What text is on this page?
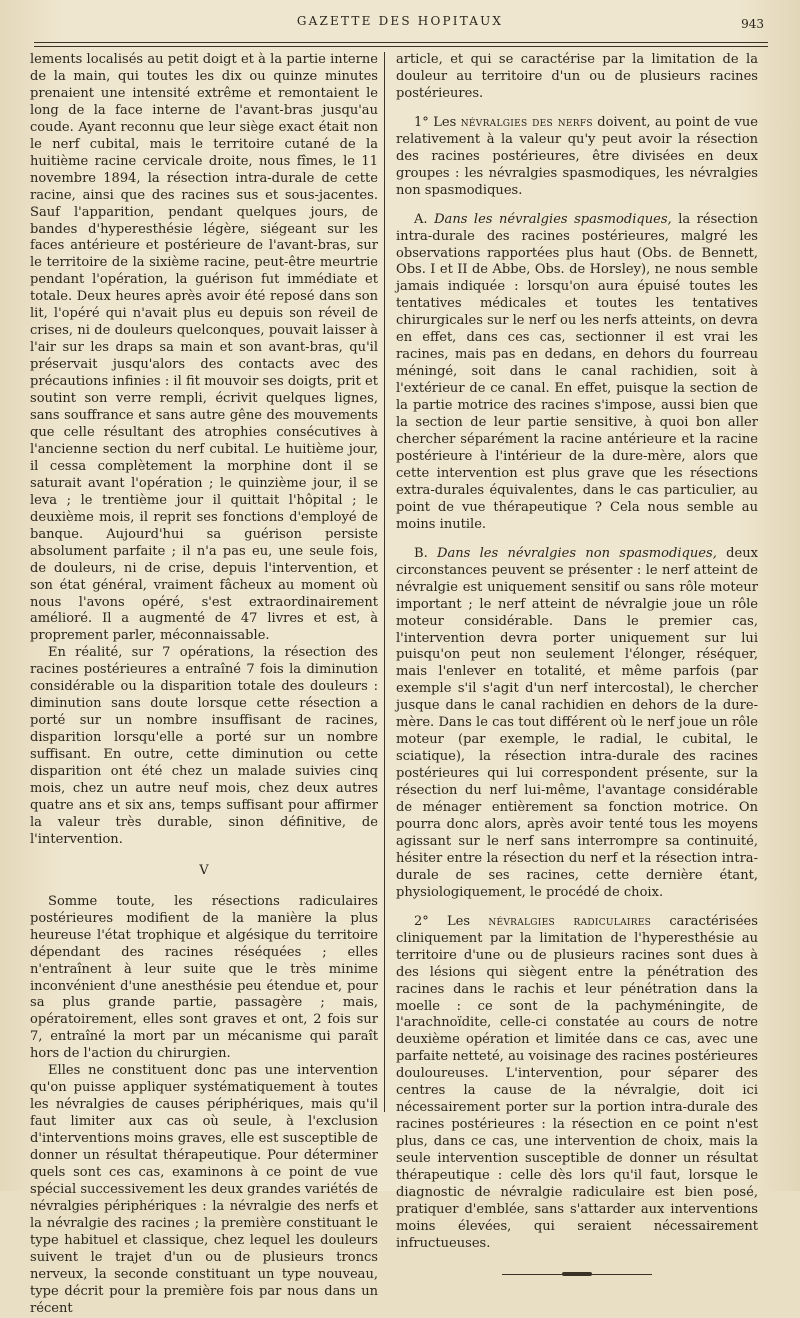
GAZETTE DES HOPITAUX	943

lements localisés au petit doigt et à la partie interne de la main, qui toutes les dix ou quinze minutes prenaient une intensité extrême et remontaient le long de la face interne de l'avant-bras jusqu'au coude. Ayant reconnu que leur siège exact était non le nerf cubital, mais le territoire cutané de la huitième racine cervicale droite, nous fîmes, le 11 novembre 1894, la résection intra-durale de cette racine, ainsi que des racines sus et sous-jacentes. Sauf l'apparition, pendant quelques jours, de bandes d'hyperesthésie légère, siégeant sur les faces antérieure et postérieure de l'avant-bras, sur le territoire de la sixième racine, peut-être meurtrie pendant l'opération, la guérison fut immédiate et totale. Deux heures après avoir été reposé dans son lit, l'opéré qui n'avait plus eu depuis son réveil de crises, ni de douleurs quelconques, pouvait laisser à l'air sur les draps sa main et son avant-bras, qu'il préservait jusqu'alors des contacts avec des précautions infinies : il fit mouvoir ses doigts, prit et soutint son verre rempli, écrivit quelques lignes, sans souffrance et sans autre gêne des mouvements que celle résultant des atrophies consécutives à l'ancienne section du nerf cubital. Le huitième jour, il cessa complètement la morphine dont il se saturait avant l'opération ; le quinzième jour, il se leva ; le trentième jour il quittait l'hôpital ; le deuxième mois, il reprit ses fonctions d'employé de banque. Aujourd'hui sa guérison persiste absolument parfaite ; il n'a pas eu, une seule fois, de douleurs, ni de crise, depuis l'intervention, et son état général, vraiment fâcheux au moment où nous l'avons opéré, s'est extraordinairement amélioré. Il a augmenté de 47 livres et est, à proprement parler, méconnaissable.

En réalité, sur 7 opérations, la résection des racines postérieures a entraîné 7 fois la diminution considérable ou la disparition totale des douleurs : diminution sans doute lorsque cette résection a porté sur un nombre insuffisant de racines, disparition lorsqu'elle a porté sur un nombre suffisant. En outre, cette diminution ou cette disparition ont été chez un malade suivies cinq mois, chez un autre neuf mois, chez deux autres quatre ans et six ans, temps suffisant pour affirmer la valeur très durable, sinon définitive, de l'intervention.

V

Somme toute, les résections radiculaires postérieures modifient de la manière la plus heureuse l'état trophique et algésique du territoire dépendant des racines réséquées ; elles n'entraînent à leur suite que le très minime inconvénient d'une anesthésie peu étendue et, pour sa plus grande partie, passagère ; mais, opératoirement, elles sont graves et ont, 2 fois sur 7, entraîné la mort par un mécanisme qui paraît hors de l'action du chirurgien.

Elles ne constituent donc pas une intervention qu'on puisse appliquer systématiquement à toutes les névralgies de causes périphériques, mais qu'il faut limiter aux cas où seule, à l'exclusion d'interventions moins graves, elle est susceptible de donner un résultat thérapeutique. Pour déterminer quels sont ces cas, examinons à ce point de vue spécial successivement les deux grandes variétés de névralgies périphériques : la névralgie des nerfs et la névralgie des racines ; la première constituant le type habituel et classique, chez lequel les douleurs suivent le trajet d'un ou de plusieurs troncs nerveux, la seconde constituant un type nouveau, type décrit pour la première fois par nous dans un récent

article, et qui se caractérise par la limitation de la douleur au territoire d'un ou de plusieurs racines postérieures.

1° Les névralgies des nerfs doivent, au point de vue relativement à la valeur qu'y peut avoir la résection des racines postérieures, être divisées en deux groupes : les névralgies spasmodiques, les névralgies non spasmodiques.

A. Dans les névralgies spasmodiques, la résection intra-durale des racines postérieures, malgré les observations rapportées plus haut (Obs. de Bennett, Obs. I et II de Abbe, Obs. de Horsley), ne nous semble jamais indiquée : lorsqu'on aura épuisé toutes les tentatives médicales et toutes les tentatives chirurgicales sur le nerf ou les nerfs atteints, on devra en effet, dans ces cas, sectionner il est vrai les racines, mais pas en dedans, en dehors du fourreau méningé, soit dans le canal rachidien, soit à l'extérieur de ce canal. En effet, puisque la section de la partie motrice des racines s'impose, aussi bien que la section de leur partie sensitive, à quoi bon aller chercher séparément la racine antérieure et la racine postérieure à l'intérieur de la dure-mère, alors que cette intervention est plus grave que les résections extra-durales équivalentes, dans le cas particulier, au point de vue thérapeutique ? Cela nous semble au moins inutile.

B. Dans les névralgies non spasmodiques, deux circonstances peuvent se présenter : le nerf atteint de névralgie est uniquement sensitif ou sans rôle moteur important ; le nerf atteint de névralgie joue un rôle moteur considérable. Dans le premier cas, l'intervention devra porter uniquement sur lui puisqu'on peut non seulement l'élonger, réséquer, mais l'enlever en totalité, et même parfois (par exemple s'il s'agit d'un nerf intercostal), le chercher jusque dans le canal rachidien en dehors de la dure-mère. Dans le cas tout différent où le nerf joue un rôle moteur (par exemple, le radial, le cubital, le sciatique), la résection intra-durale des racines postérieures qui lui correspondent présente, sur la résection du nerf lui-même, l'avantage considérable de ménager entièrement sa fonction motrice. On pourra donc alors, après avoir tenté tous les moyens agissant sur le nerf sans interrompre sa continuité, hésiter entre la résection du nerf et la résection intra-durale de ses racines, cette dernière étant, physiologiquement, le procédé de choix.

2° Les névralgies radiculaires caractérisées cliniquement par la limitation de l'hyperesthésie au territoire d'une ou de plusieurs racines sont dues à des lésions qui siègent entre la pénétration des racines dans le rachis et leur pénétration dans la moelle : ce sont de la pachyméningite, de l'arachnoïdite, celle-ci constatée au cours de notre deuxième opération et limitée dans ce cas, avec une parfaite netteté, au voisinage des racines postérieures douloureuses. L'intervention, pour séparer des centres la cause de la névralgie, doit ici nécessairement porter sur la portion intra-durale des racines postérieures : la résection en ce point n'est plus, dans ce cas, une intervention de choix, mais la seule intervention susceptible de donner un résultat thérapeutique : celle dès lors qu'il faut, lorsque le diagnostic de névralgie radiculaire est bien posé, pratiquer d'emblée, sans s'attarder aux interventions moins élevées, qui seraient nécessairement infructueuses.
